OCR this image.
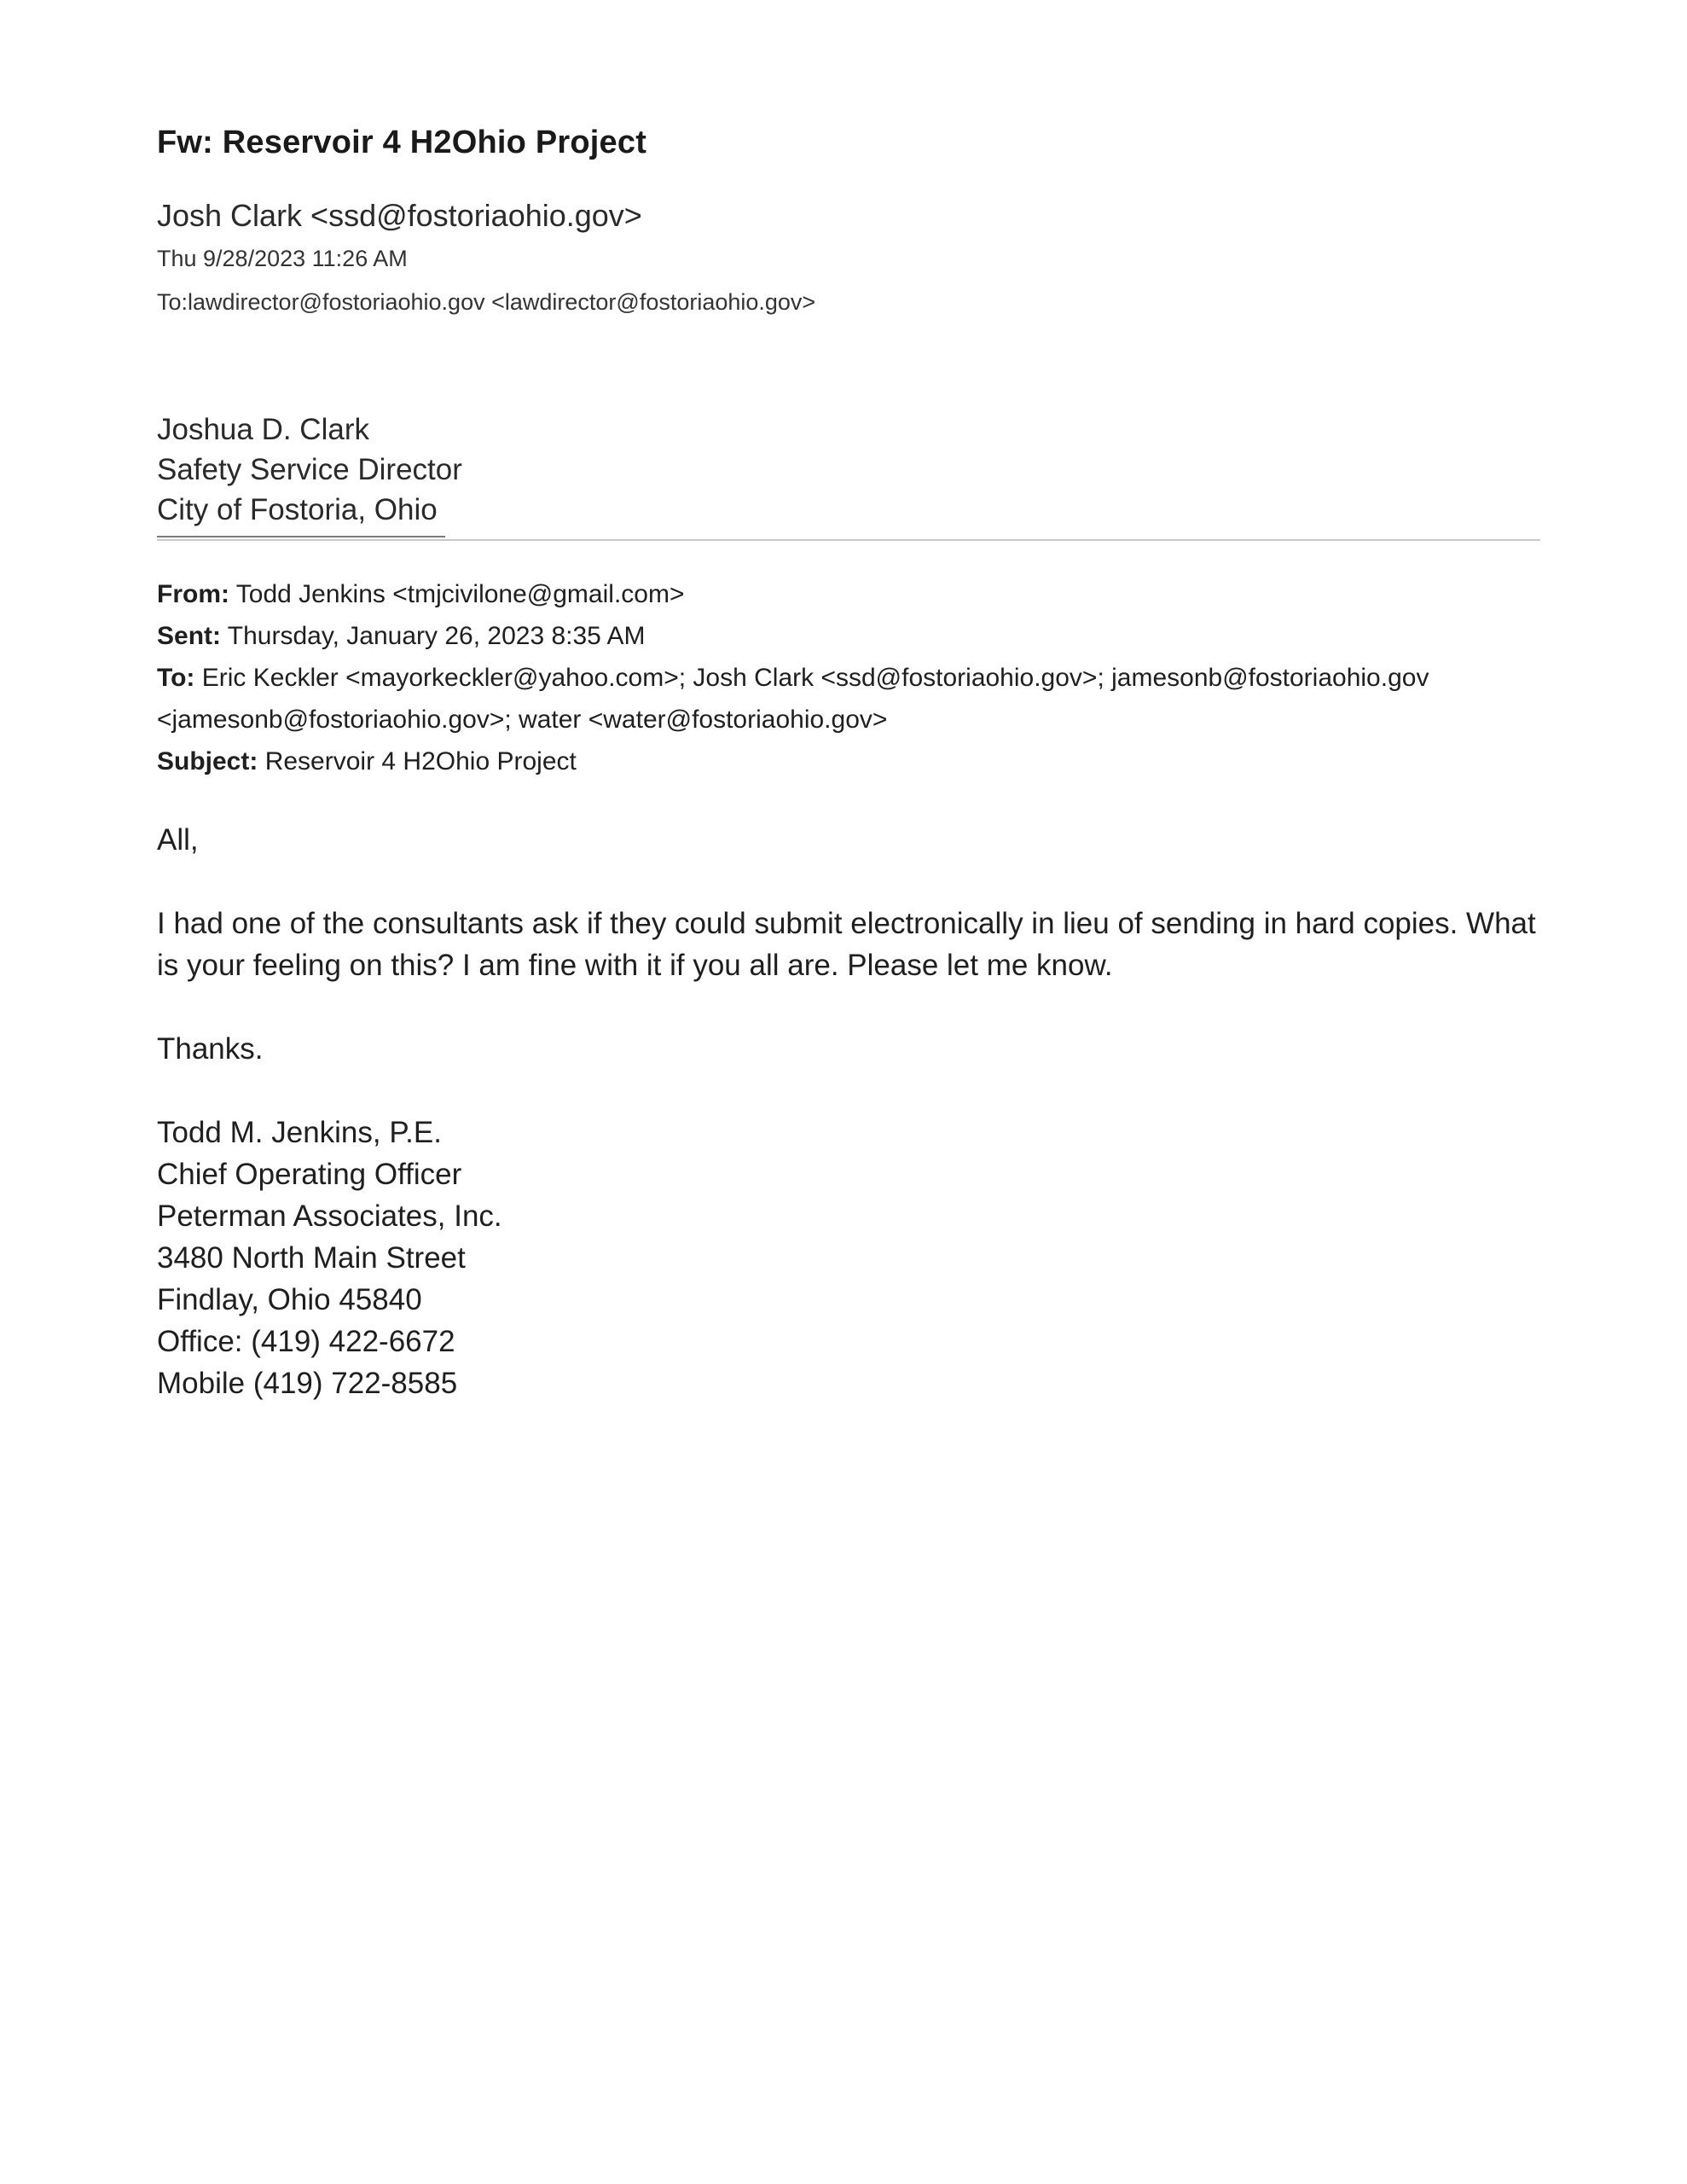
Fw: Reservoir 4 H2Ohio Project
Josh Clark <ssd@fostoriaohio.gov>
Thu 9/28/2023 11:26 AM
To:lawdirector@fostoriaohio.gov <lawdirector@fostoriaohio.gov>
Joshua D. Clark
Safety Service Director
City of Fostoria, Ohio
From: Todd Jenkins <tmjcivilone@gmail.com>
Sent: Thursday, January 26, 2023 8:35 AM
To: Eric Keckler <mayorkeckler@yahoo.com>; Josh Clark <ssd@fostoriaohio.gov>; jamesonb@fostoriaohio.gov <jamesonb@fostoriaohio.gov>; water <water@fostoriaohio.gov>
Subject: Reservoir 4 H2Ohio Project

All,

I had one of the consultants ask if they could submit electronically in lieu of sending in hard copies. What is your feeling on this? I am fine with it if you all are. Please let me know.

Thanks.

Todd M. Jenkins, P.E.
Chief Operating Officer
Peterman Associates, Inc.
3480 North Main Street
Findlay, Ohio 45840
Office: (419) 422-6672
Mobile (419) 722-8585
